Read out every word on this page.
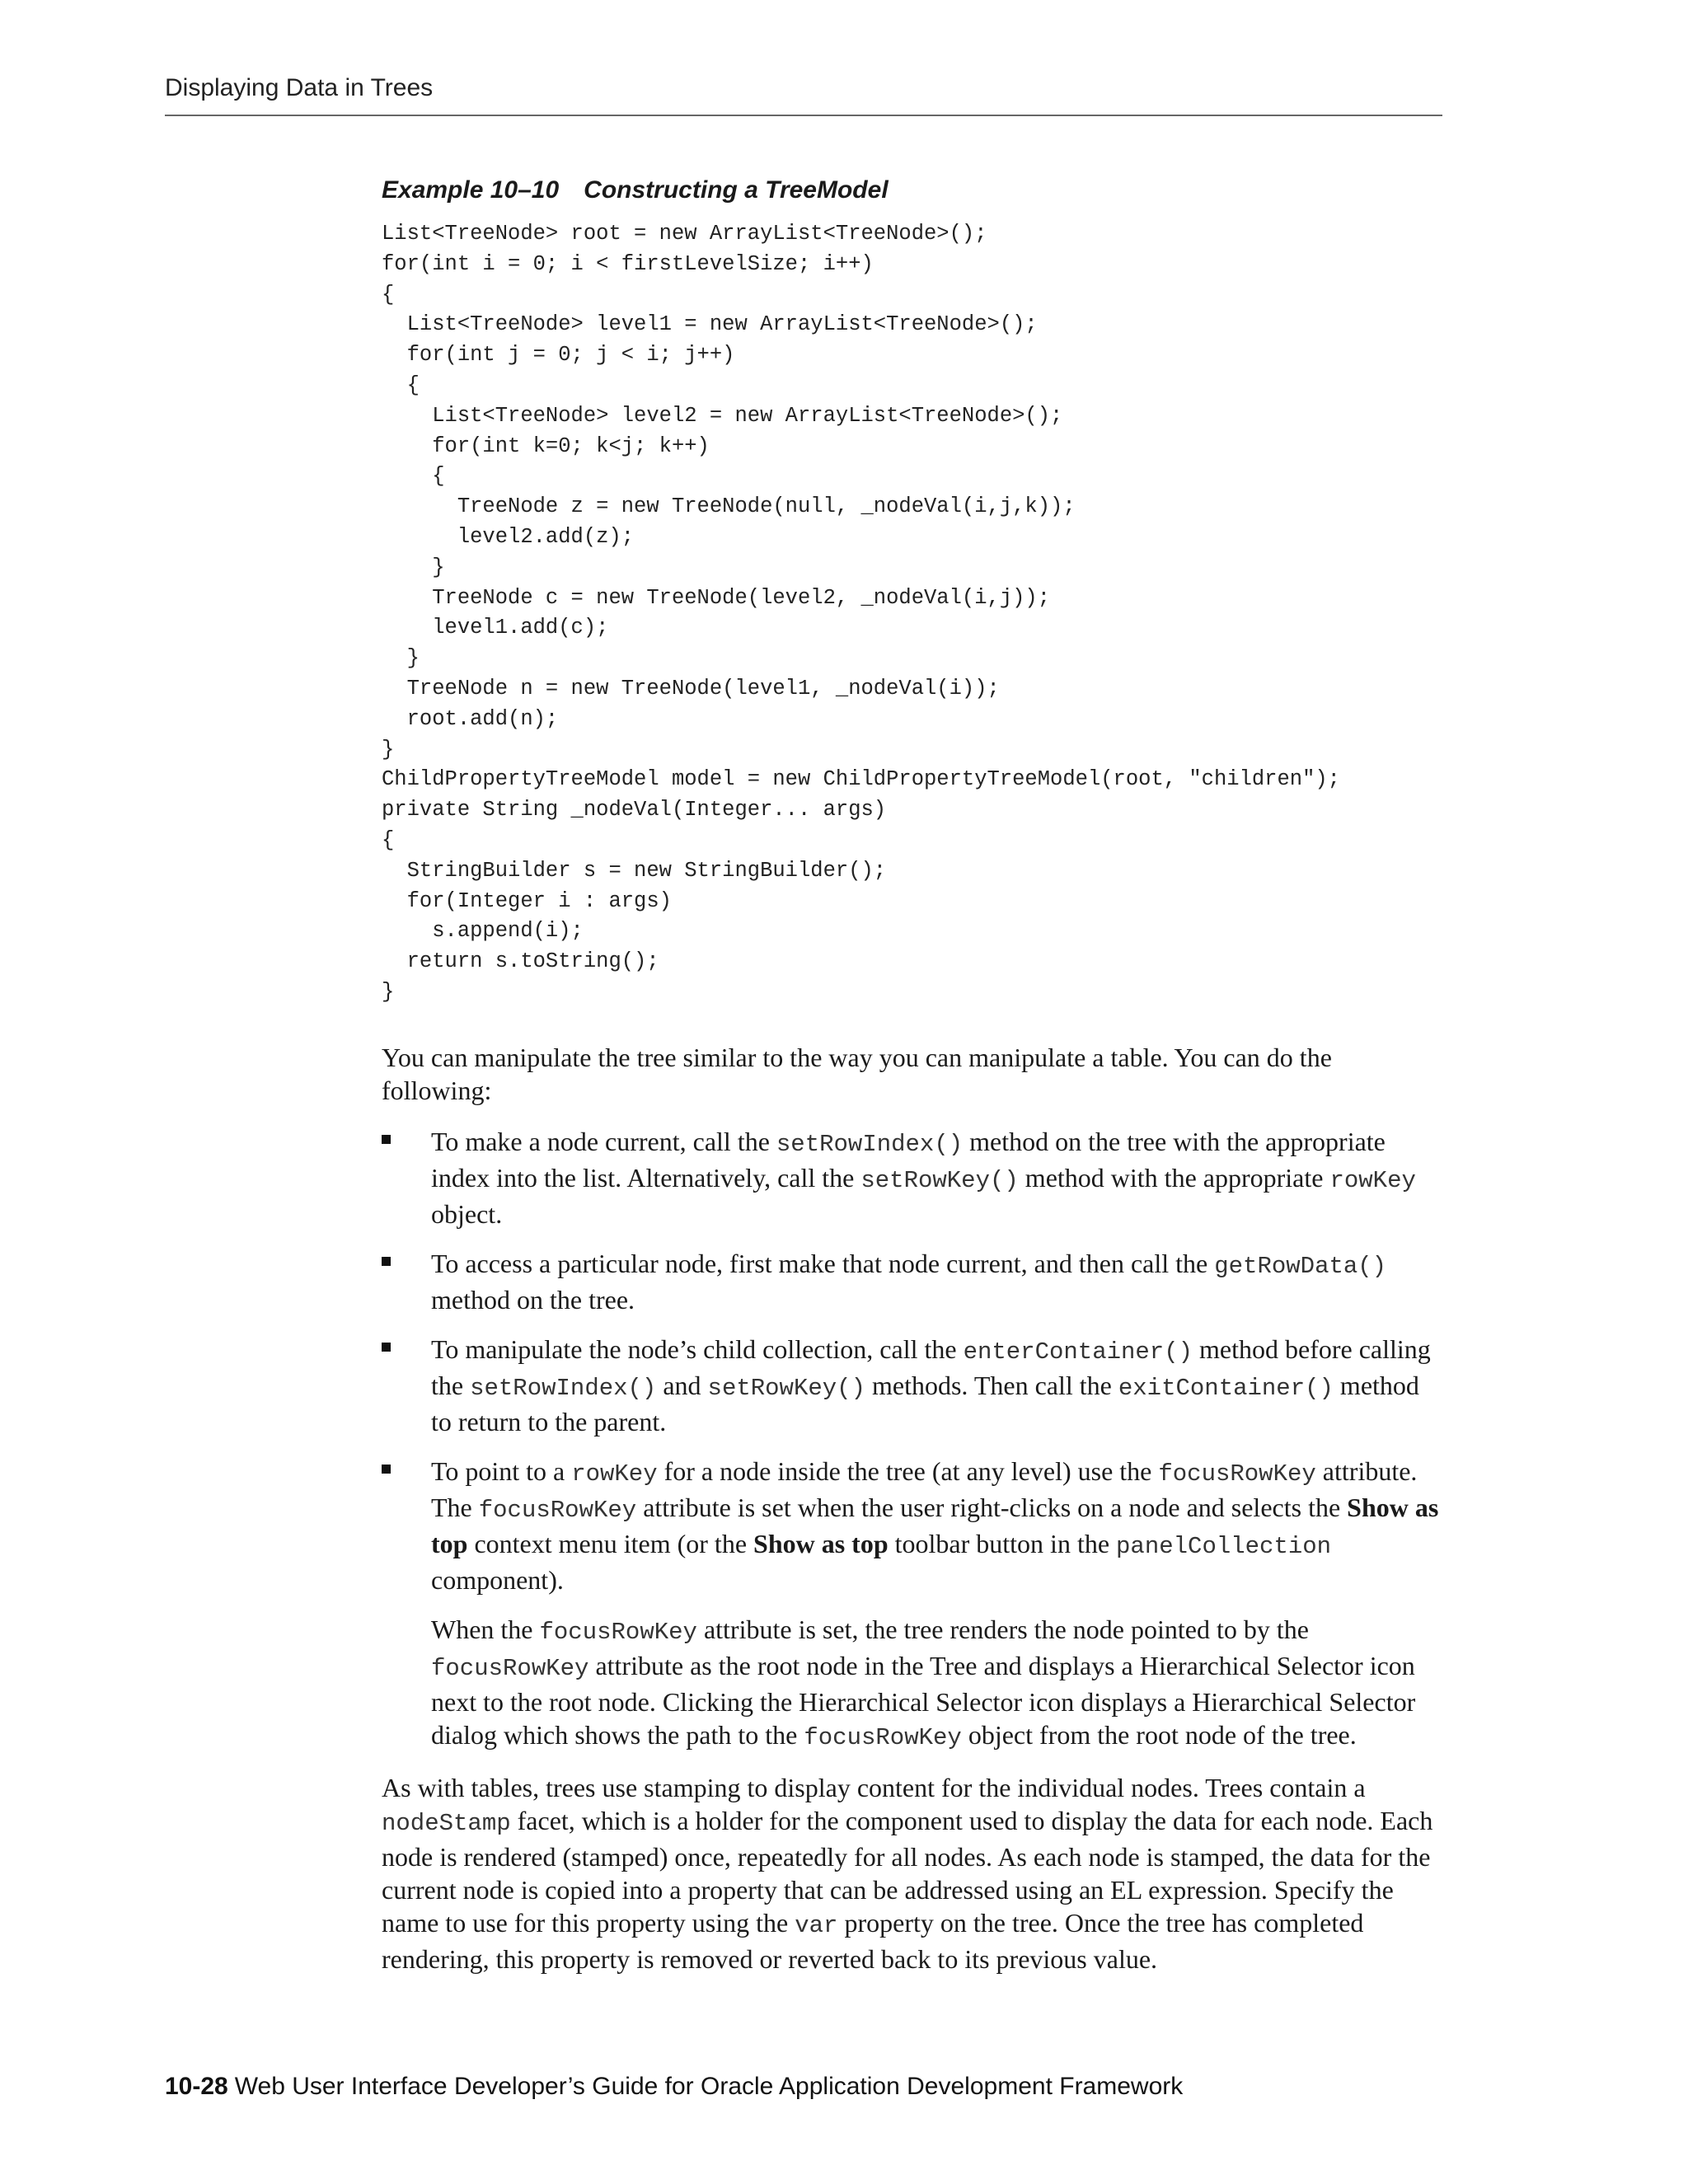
Displaying Data in Trees
Example 10–10 Constructing a TreeModel
List<TreeNode> root = new ArrayList<TreeNode>();
for(int i = 0; i < firstLevelSize; i++)
{
List<TreeNode> level1 = new ArrayList<TreeNode>();
for(int j = 0; j < i; j++)
{
List<TreeNode> level2 = new ArrayList<TreeNode>();
for(int k=0; k<j; k++)
{
TreeNode z = new TreeNode(null, _nodeVal(i,j,k));
level2.add(z);
}
TreeNode c = new TreeNode(level2, _nodeVal(i,j));
level1.add(c);
}
TreeNode n = new TreeNode(level1, _nodeVal(i));
root.add(n);
}
ChildPropertyTreeModel model = new ChildPropertyTreeModel(root, "children");
private String _nodeVal(Integer... args)
{
StringBuilder s = new StringBuilder();
for(Integer i : args)
s.append(i);
return s.toString();
}

You can manipulate the tree similar to the way you can manipulate a table. You can do the following:

To make a node current, call the setRowIndex() method on the tree with the appropriate index into the list. Alternatively, call the setRowKey() method with the appropriate rowKey object.
To access a particular node, first make that node current, and then call the getRowData() method on the tree.
To manipulate the node’s child collection, call the enterContainer() method before calling the setRowIndex() and setRowKey() methods. Then call the exitContainer() method to return to the parent.
To point to a rowKey for a node inside the tree (at any level) use the focusRowKey attribute. The focusRowKey attribute is set when the user right-clicks on a node and selects the Show as top context menu item (or the Show as top toolbar button in the panelCollection component).

When the focusRowKey attribute is set, the tree renders the node pointed to by the focusRowKey attribute as the root node in the Tree and displays a Hierarchical Selector icon next to the root node. Clicking the Hierarchical Selector icon displays a Hierarchical Selector dialog which shows the path to the focusRowKey object from the root node of the tree.

As with tables, trees use stamping to display content for the individual nodes. Trees contain a nodeStamp facet, which is a holder for the component used to display the data for each node. Each node is rendered (stamped) once, repeatedly for all nodes. As each node is stamped, the data for the current node is copied into a property that can be addressed using an EL expression. Specify the name to use for this property using the var property on the tree. Once the tree has completed rendering, this property is removed or reverted back to its previous value.

10-28 Web User Interface Developer’s Guide for Oracle Application Development Framework
